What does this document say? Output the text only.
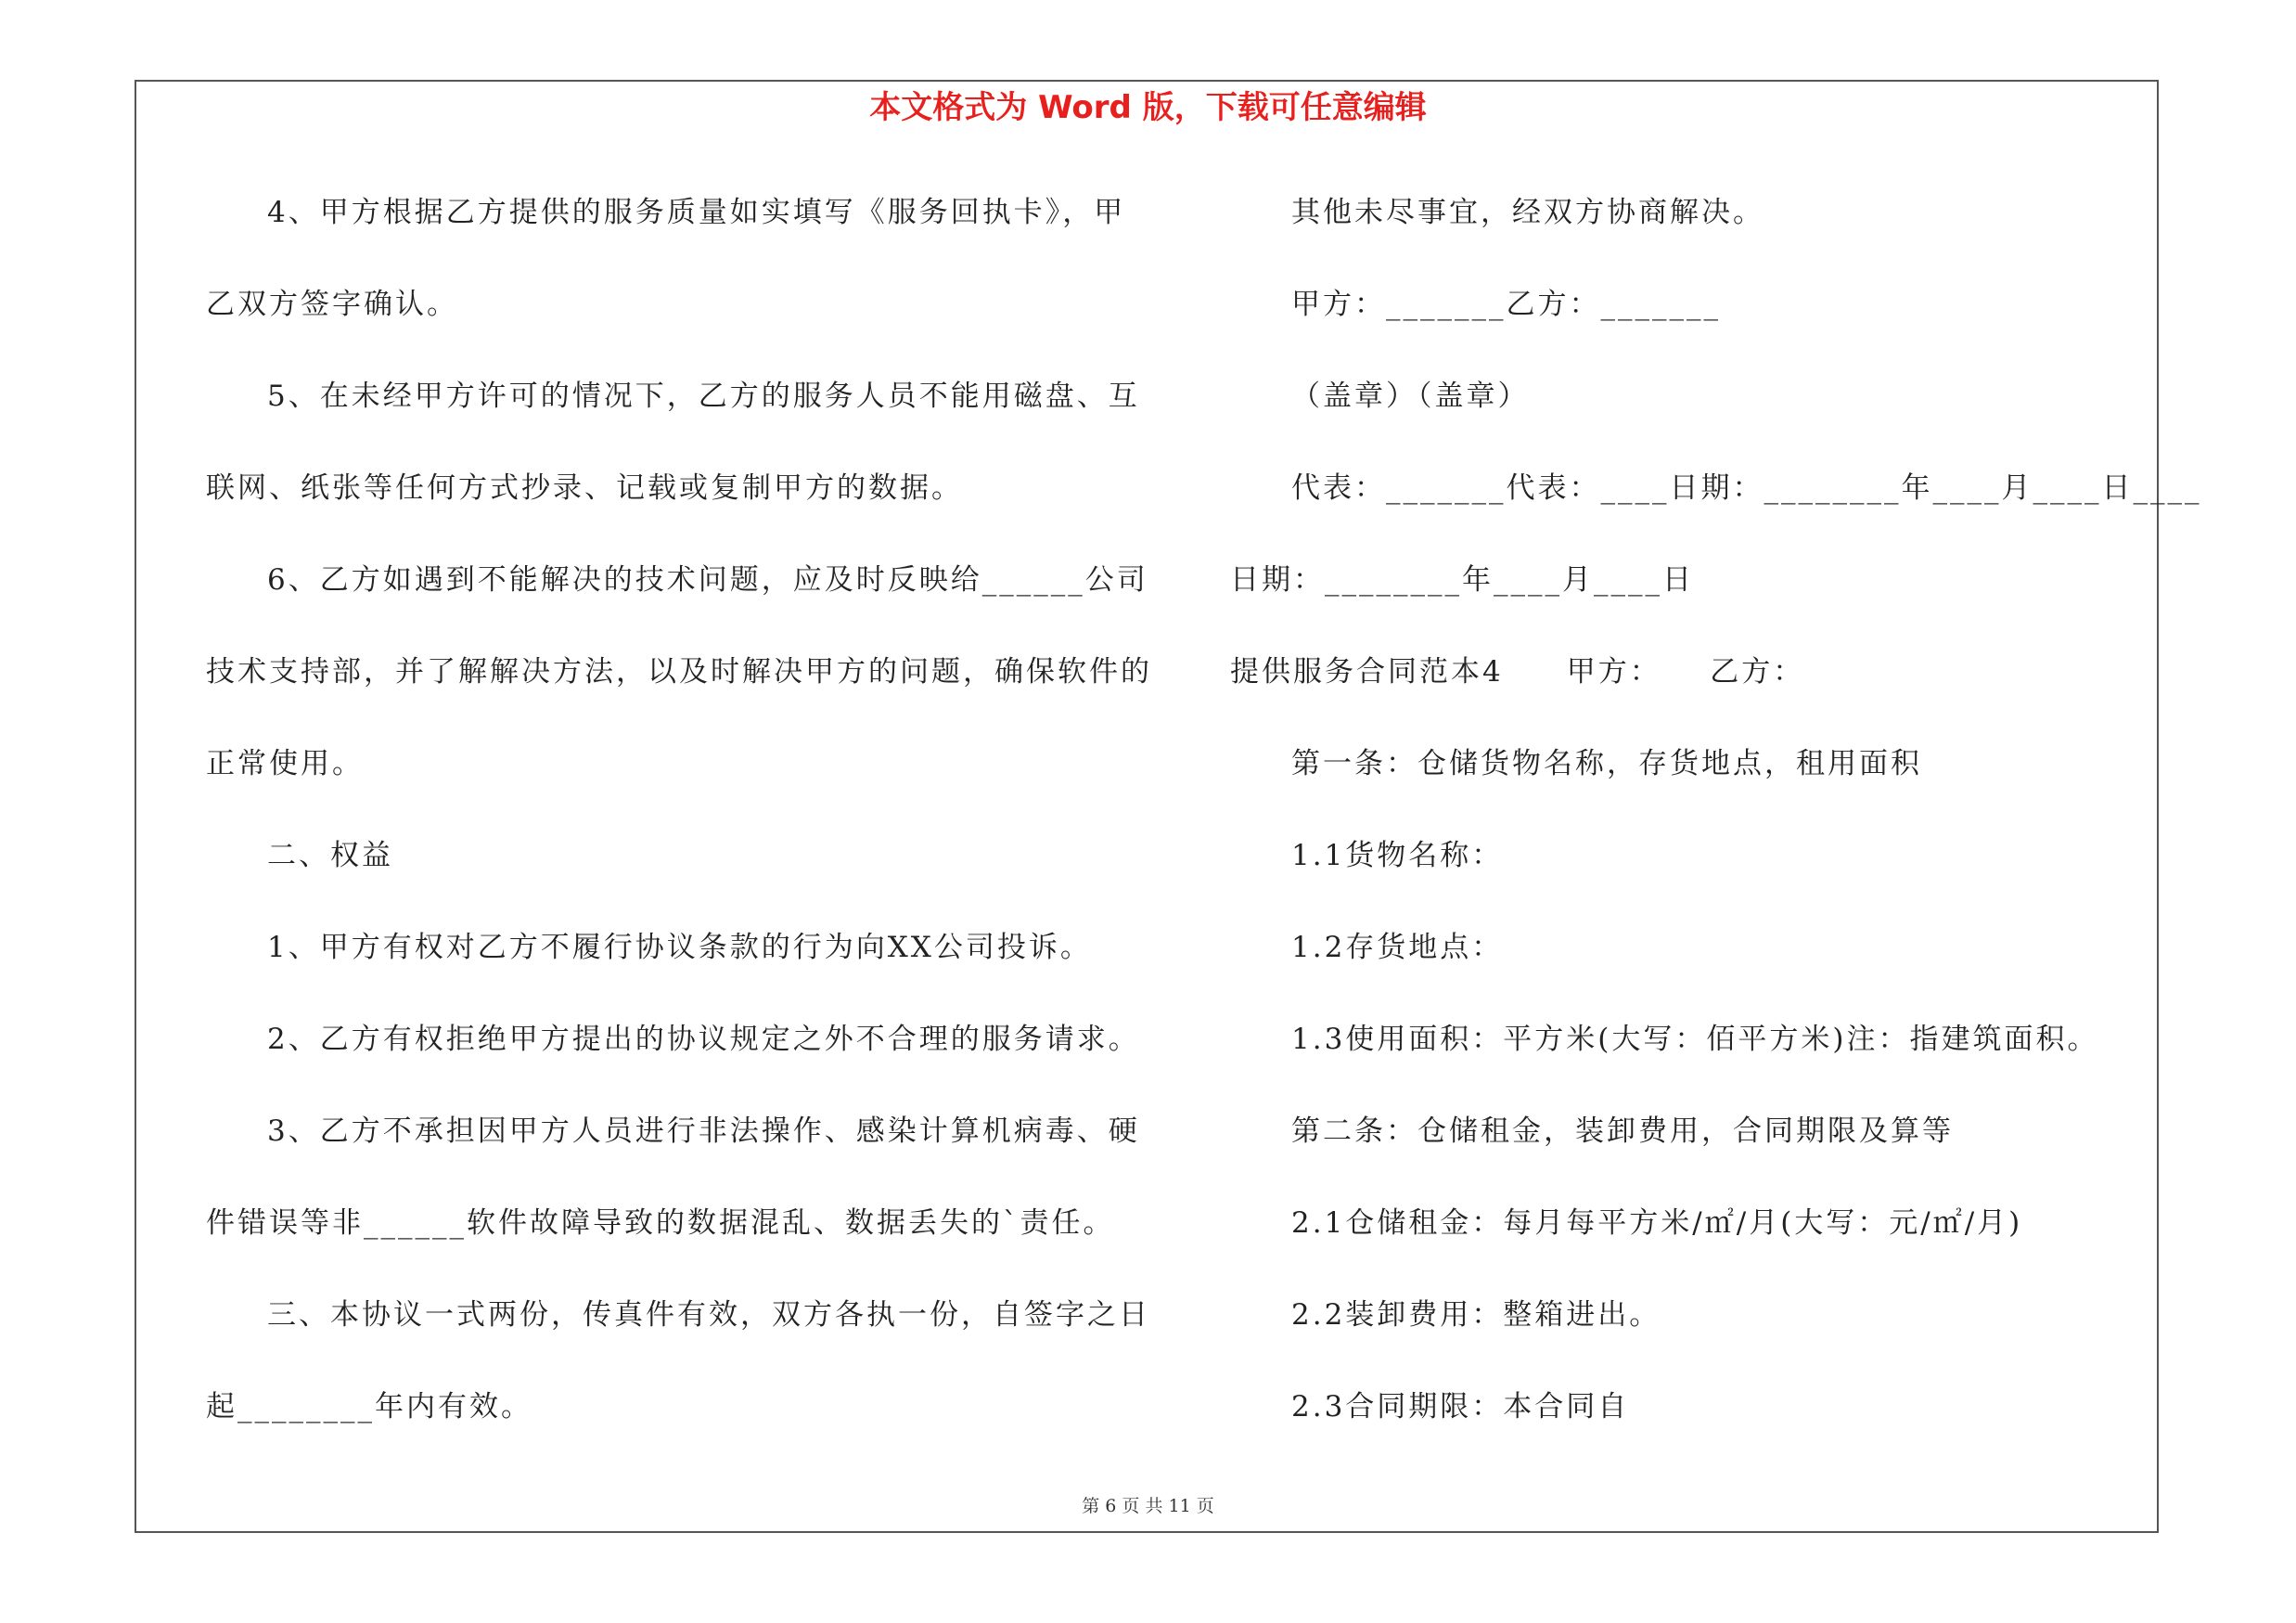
本文格式为 Word 版，下载可任意编辑
4、甲方根据乙方提供的服务质量如实填写《服务回执卡》，甲
乙双方签字确认。
5、在未经甲方许可的情况下，乙方的服务人员不能用磁盘、互
联网、纸张等任何方式抄录、记载或复制甲方的数据。
6、乙方如遇到不能解决的技术问题，应及时反映给______公司
技术支持部，并了解解决方法，以及时解决甲方的问题，确保软件的
正常使用。
二、权益
1、甲方有权对乙方不履行协议条款的行为向XX公司投诉。
2、乙方有权拒绝甲方提出的协议规定之外不合理的服务请求。
3、乙方不承担因甲方人员进行非法操作、感染计算机病毒、硬
件错误等非______软件故障导致的数据混乱、数据丢失的`责任。
三、本协议一式两份，传真件有效，双方各执一份，自签字之日
起________年内有效。
其他未尽事宜，经双方协商解决。
甲方：_______乙方：_______
（盖章）（盖章）
代表：_______代表：____日期：________年____月____日____
日期：________年____月____日
提供服务合同范本4　　甲方：　　乙方：
第一条：仓储货物名称，存货地点，租用面积
1.1货物名称：
1.2存货地点：
1.3使用面积：平方米(大写：佰平方米)注：指建筑面积。
第二条：仓储租金，装卸费用，合同期限及算等
2.1仓储租金：每月每平方米/㎡/月(大写：元/㎡/月)
2.2装卸费用：整箱进出。
2.3合同期限：本合同自
第 6 页 共 11 页
